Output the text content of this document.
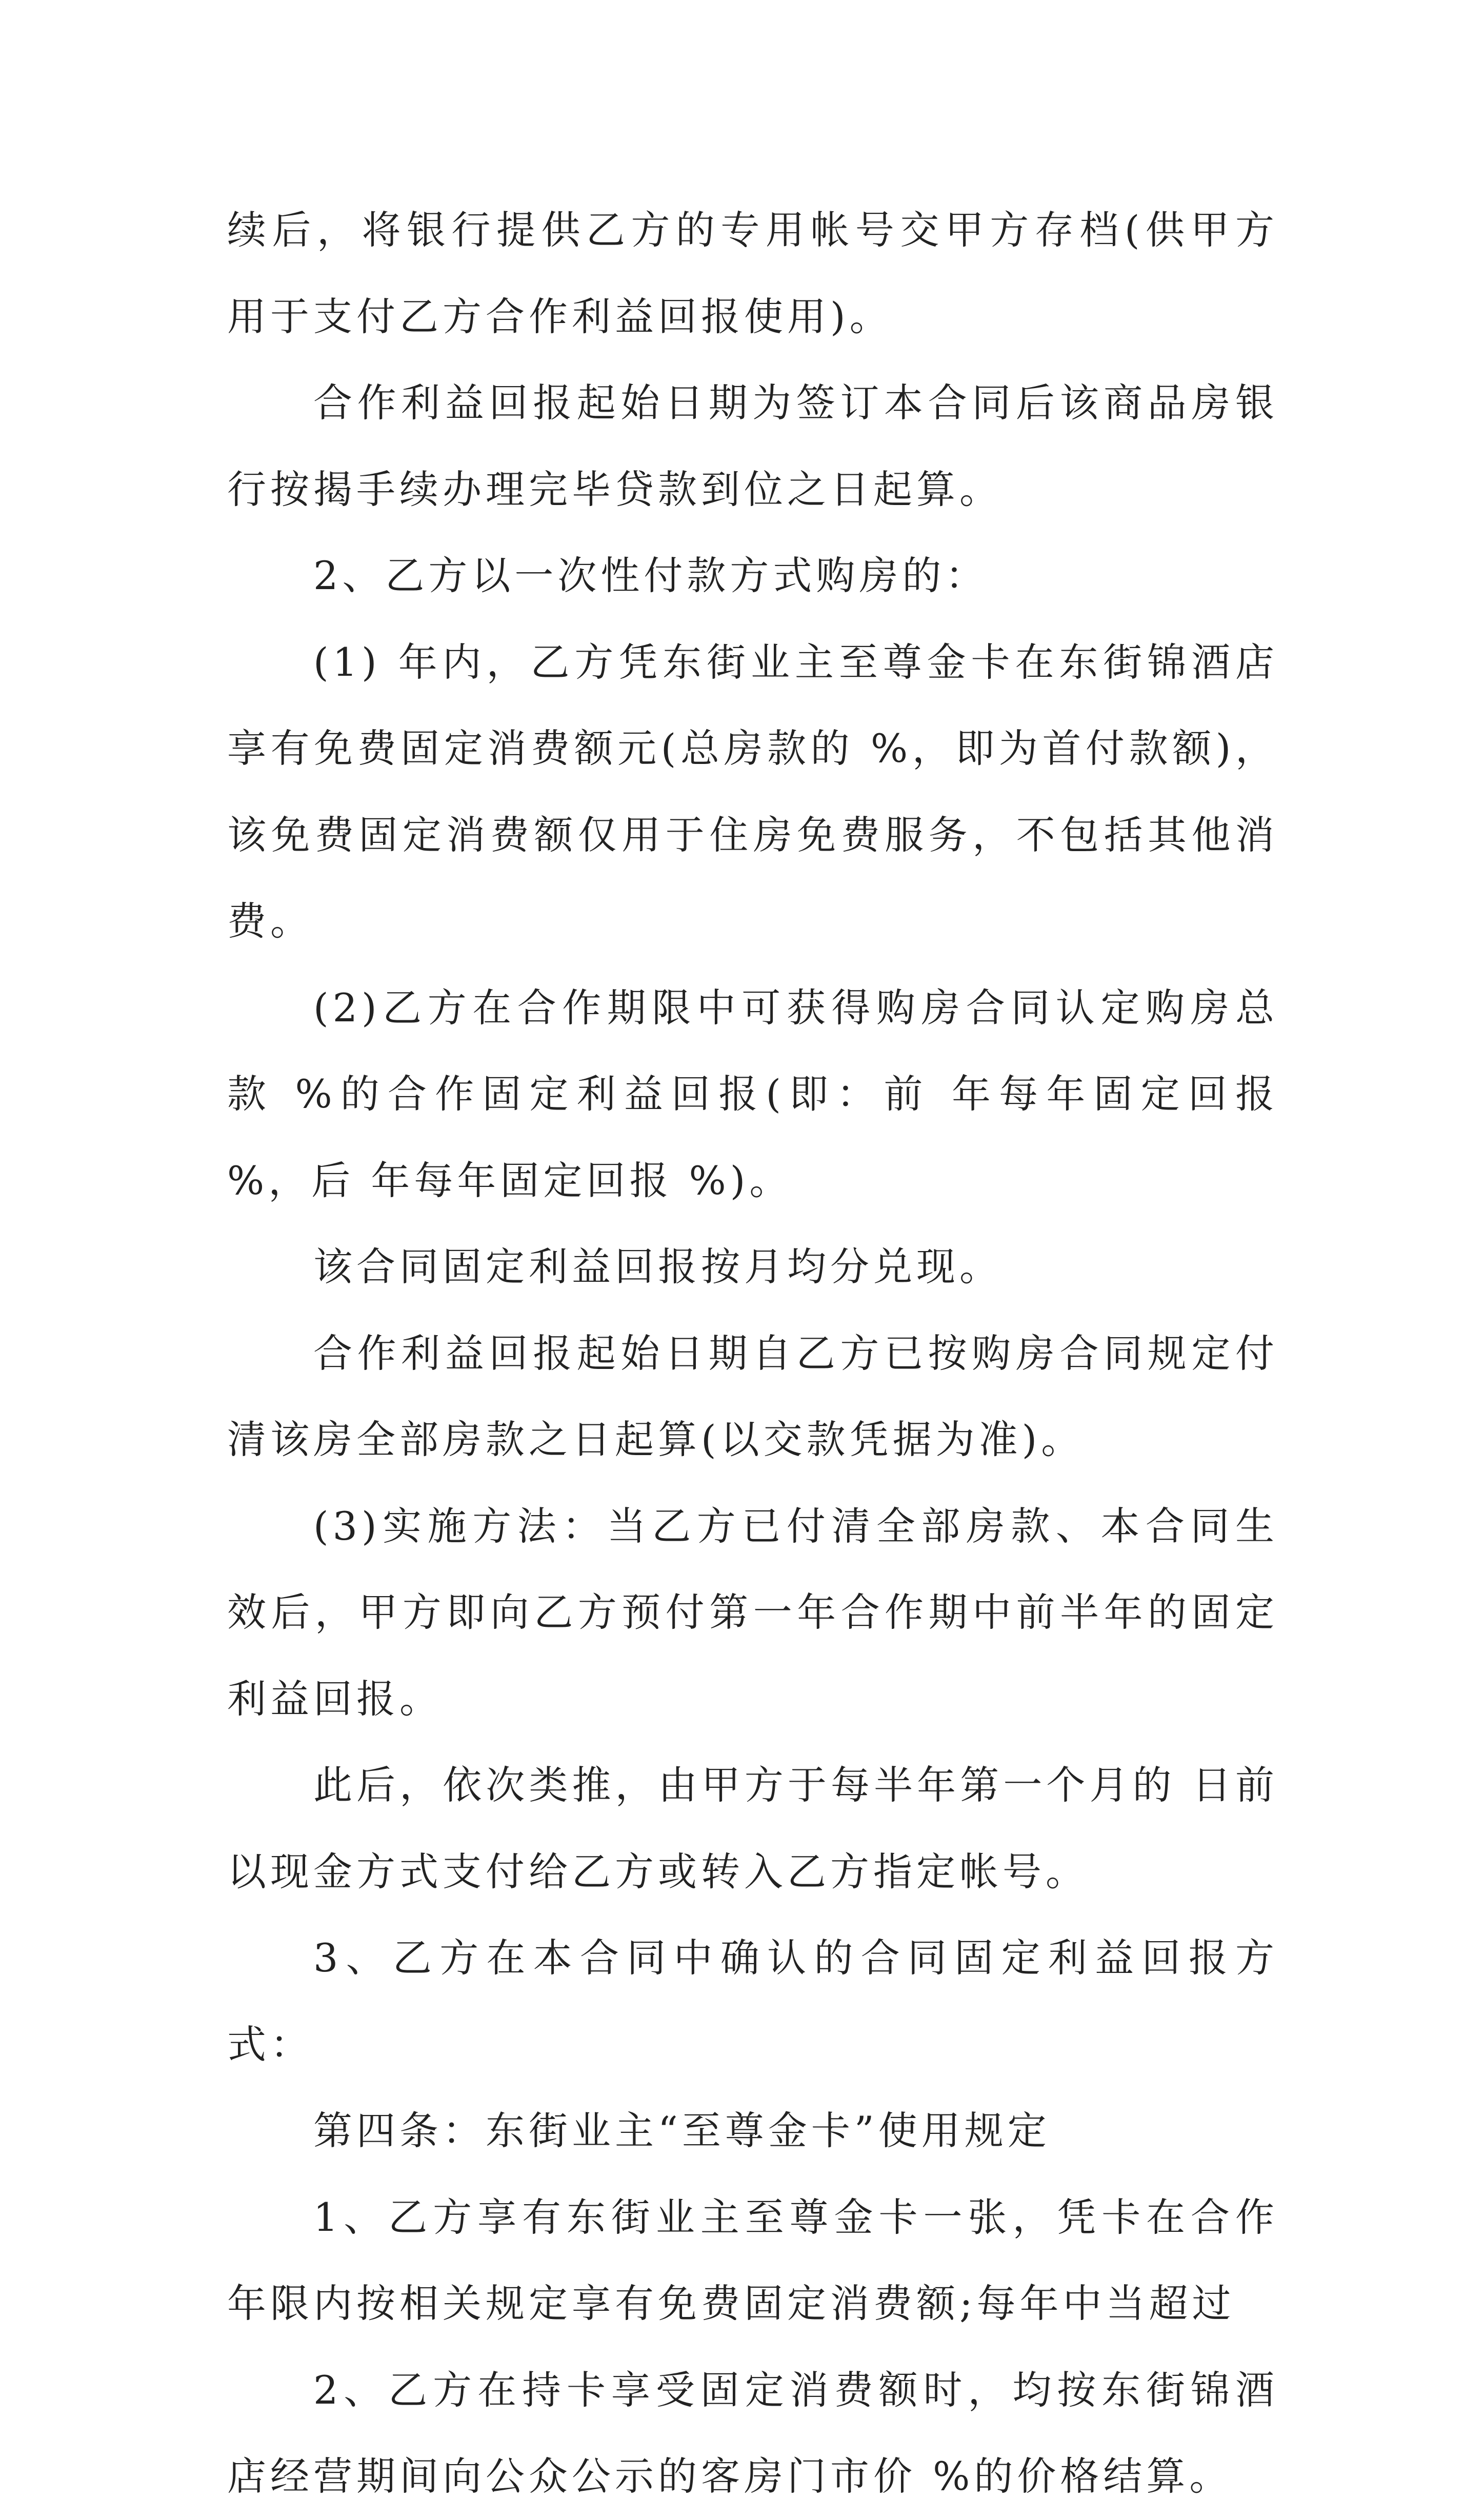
续后，将银行提供乙方的专用帐号交甲方存档(供甲方用于支付乙方合作利益回报使用)。

合作利益回报起始日期为签订本合同后该商品房银行按揭手续办理完毕贷款到位之日起算。

2、乙方以一次性付款方式购房的：

(1) 年内，乙方凭东街业主至尊金卡在东街锦酒店享有免费固定消费额元(总房款的 %，即为首付款额)，该免费固定消费额仅用于住房免费服务，不包括其他消费。

(2)乙方在合作期限中可获得购房合同认定购房总款 %的合作固定利益回报(即：前 年每年固定回报 %，后 年每年固定回报 %)。

该合同固定利益回报按月均分兑现。

合作利益回报起始日期自乙方已按购房合同规定付清该房全部房款之日起算(以交款凭据为准)。

(3)实施方法：当乙方已付清全部房款、本合同生效后，甲方即向乙方预付第一年合作期中前半年的固定利益回报。

此后，依次类推，由甲方于每半年第一个月的 日前以现金方式支付给乙方或转入乙方指定帐号。

3、乙方在本合同中确认的合同固定利益回报方式：

第四条：东街业主“至尊金卡”使用规定

1、乙方享有东街业主至尊金卡一张，凭卡在合作年限内按相关规定享有免费固定消费额;每年中当超过

2、乙方在持卡享受固定消费额时，均按东街锦酒店经营期间向公众公示的客房门市价 %的价格结算。
